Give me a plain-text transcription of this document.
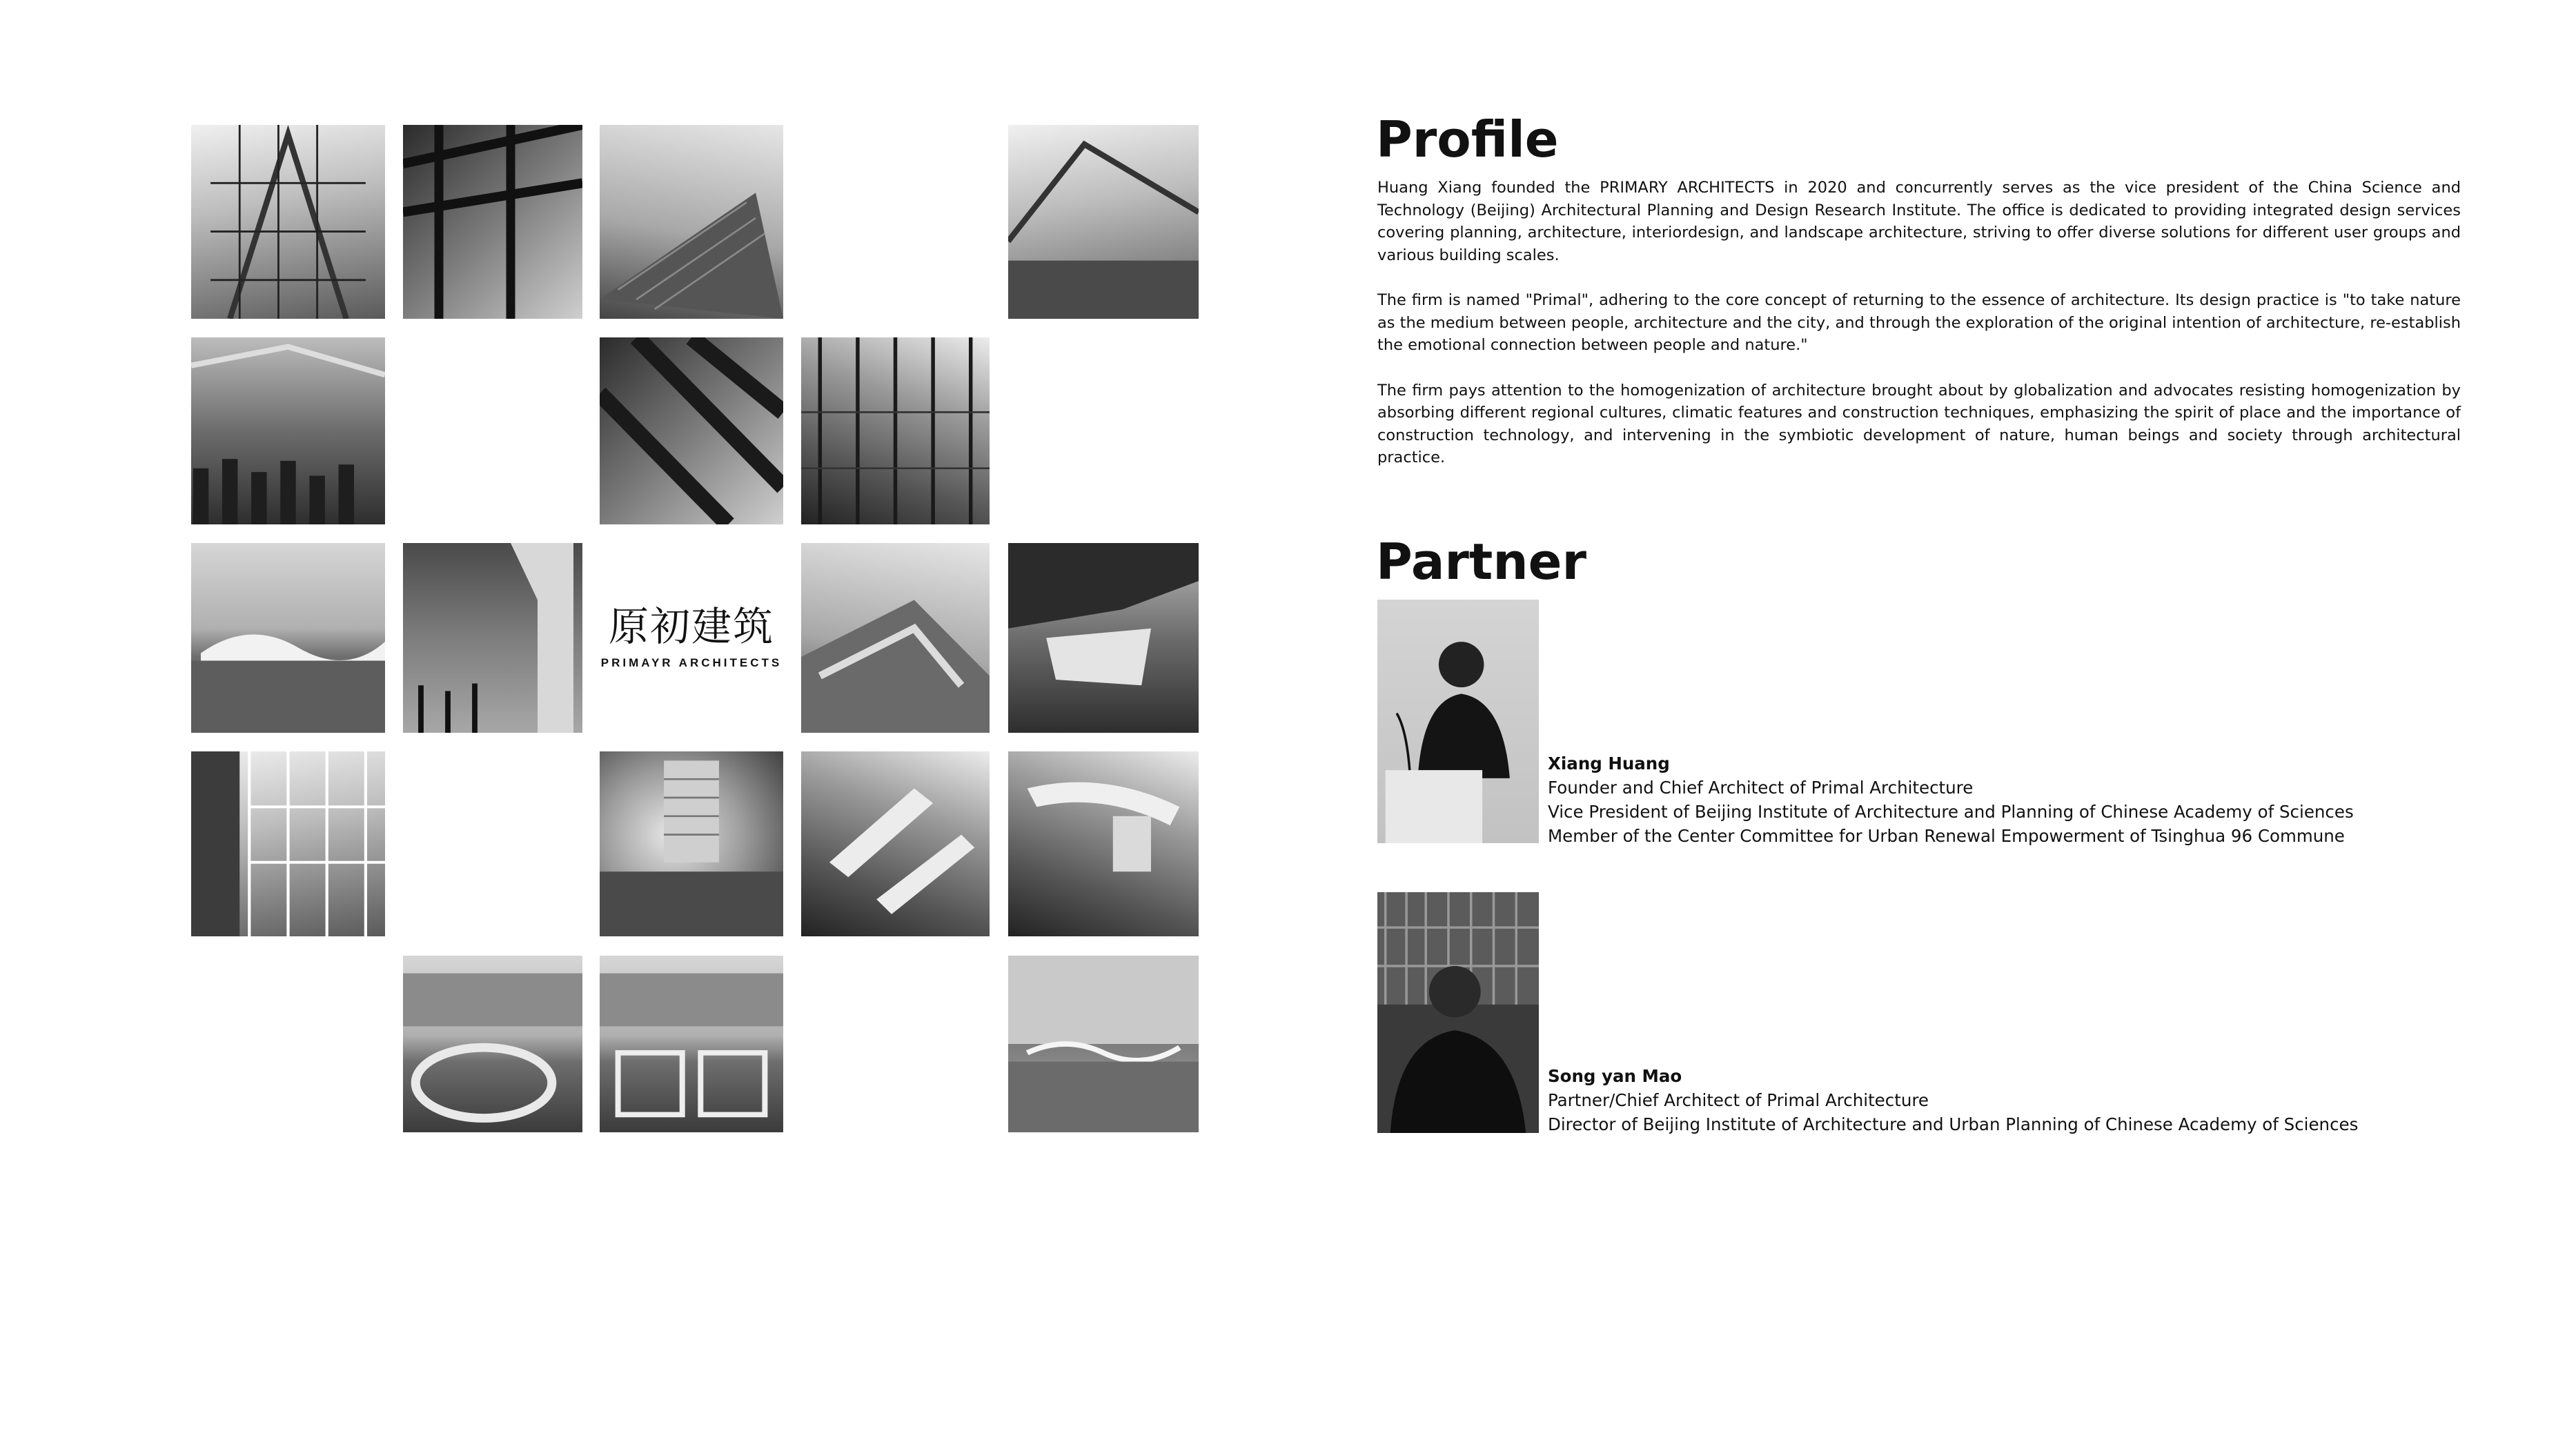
原初建筑
PRIMAYR ARCHITECTS
Profile

Huang Xiang founded the PRIMARY ARCHITECTS in 2020 and concurrently serves as the vice president of the China Science and Technology (Beijing) Architectural Planning and Design Research Institute. The office is dedicated to providing integrated design services covering planning, architecture, interiordesign, and landscape architecture, striving to offer diverse solutions for different user groups and various building scales.

The firm is named "Primal", adhering to the core concept of returning to the essence of architecture. Its design practice is "to take nature as the medium between people, architecture and the city, and through the exploration of the original intention of architecture, re-establish the emotional connection between people and nature."

The firm pays attention to the homogenization of architecture brought about by globalization and advocates resisting homogenization by absorbing different regional cultures, climatic features and construction techniques, emphasizing the spirit of place and the importance of construction technology, and intervening in the symbiotic development of nature, human beings and society through architectural practice.

Partner
Xiang Huang
Founder and Chief Architect of Primal Architecture
Vice President of Beijing Institute of Architecture and Planning of Chinese Academy of Sciences
Member of the Center Committee for Urban Renewal Empowerment of Tsinghua 96 Commune
Song yan Mao
Partner/Chief Architect of Primal Architecture
Director of Beijing Institute of Architecture and Urban Planning of Chinese Academy of Sciences
